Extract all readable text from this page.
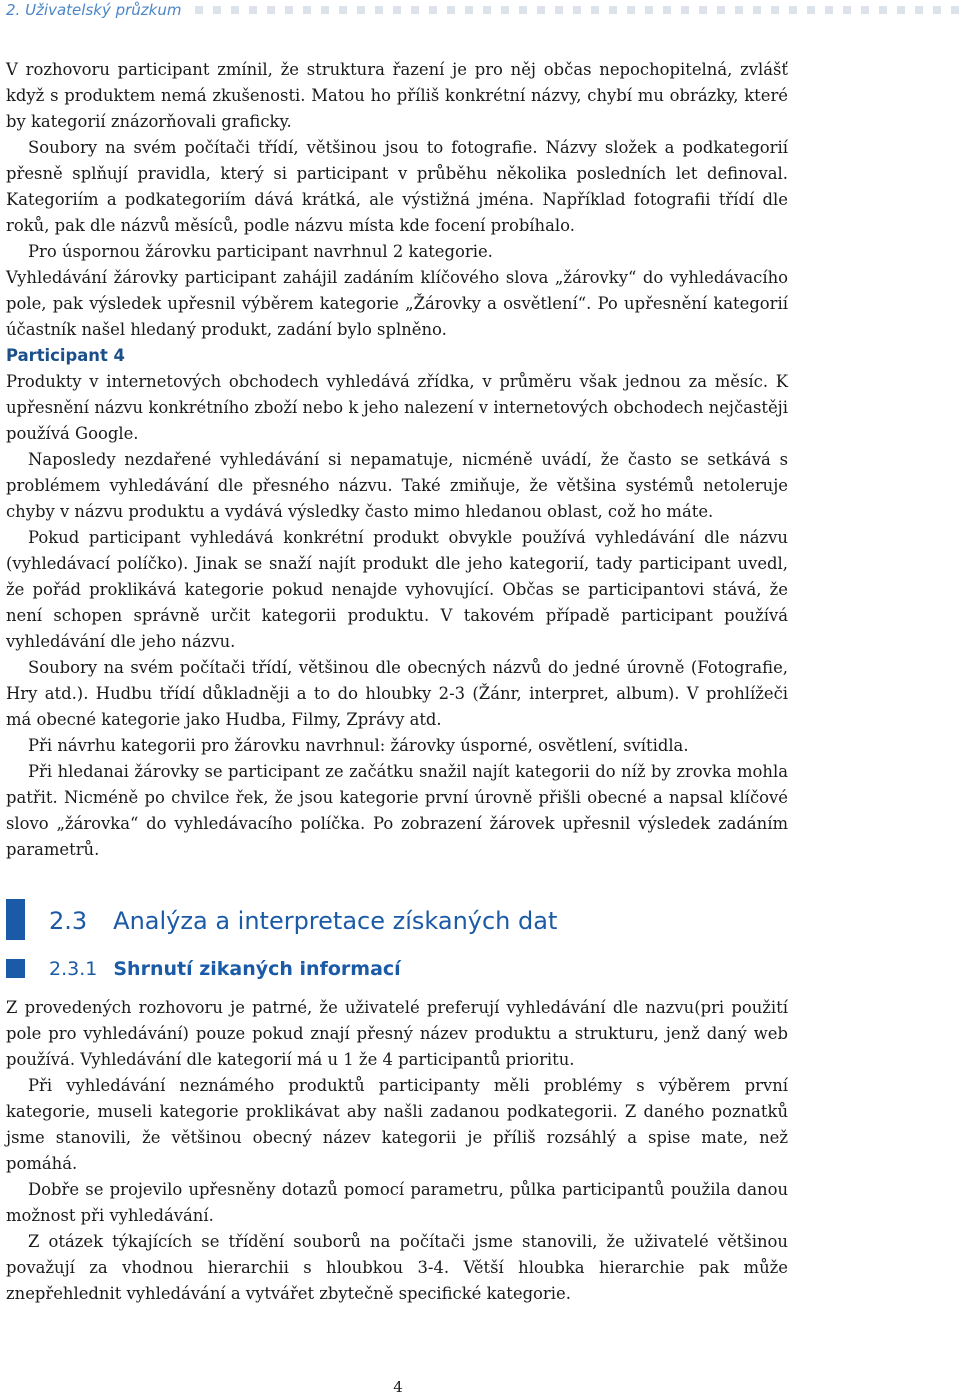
2. Uživatelský průzkum

V rozhovoru participant zmínil, že struktura řazení je pro něj občas nepochopitelná, zvlášť když s produktem nemá zkušenosti. Matou ho příliš konkrétní názvy, chybí mu obrázky, které by kategorií znázorňovali graficky.

Soubory na svém počítači třídí, většinou jsou to fotografie. Názvy složek a podkategorií přesně splňují pravidla, který si participant v průběhu několika posledních let definoval. Kategoriím a podkategoriím dává krátká, ale výstižná jména. Například fotografii třídí dle roků, pak dle názvů měsíců, podle názvu místa kde focení probíhalo.

Pro úspornou žárovku participant navrhnul 2 kategorie.

Vyhledávání žárovky participant zahájil zadáním klíčového slova „žárovky“ do vyhledávacího pole, pak výsledek upřesnil výběrem kategorie „Žárovky a osvětlení“. Po upřesnění kategorií účastník našel hledaný produkt, zadání bylo splněno.

Participant 4

Produkty v internetových obchodech vyhledává zřídka, v průměru však jednou za měsíc. K upřesnění názvu konkrétního zboží nebo k jeho nalezení v internetových obchodech nejčastěji používá Google.

Naposledy nezdařené vyhledávání si nepamatuje, nicméně uvádí, že často se setkává s problémem vyhledávání dle přesného názvu. Také zmiňuje, že většina systémů netoleruje chyby v názvu produktu a vydává výsledky často mimo hledanou oblast, což ho máte.

Pokud participant vyhledává konkrétní produkt obvykle používá vyhledávání dle názvu (vyhledávací políčko). Jinak se snaží najít produkt dle jeho kategorií, tady participant uvedl, že pořád proklikává kategorie pokud nenajde vyhovující. Občas se participantovi stává, že není schopen správně určit kategorii produktu. V takovém případě participant používá vyhledávání dle jeho názvu.

Soubory na svém počítači třídí, většinou dle obecných názvů do jedné úrovně (Fotografie, Hry atd.). Hudbu třídí důkladněji a to do hloubky 2-3 (Žánr, interpret, album). V prohlížeči má obecné kategorie jako Hudba, Filmy, Zprávy atd.

Při návrhu kategorii pro žárovku navrhnul: žárovky úsporné, osvětlení, svítidla.

Při hledanai žárovky se participant ze začátku snažil najít kategorii do níž by zrovka mohla patřit. Nicméně po chvilce řek, že jsou kategorie první úrovně přišli obecné a napsal klíčové slovo „žárovka“ do vyhledávacího políčka. Po zobrazení žárovek upřesnil výsledek zadáním parametrů.

2.3 Analýza a interpretace získaných dat
2.3.1 Shrnutí zikaných informací

Z provedených rozhovoru je patrné, že uživatelé preferují vyhledávání dle nazvu(pri použití pole pro vyhledávání) pouze pokud znají přesný název produktu a strukturu, jenž daný web používá. Vyhledávání dle kategorií má u 1 že 4 participantů prioritu.

Při vyhledávání neznámého produktů participanty měli problémy s výběrem první kategorie, museli kategorie proklikávat aby našli zadanou podkategorii. Z daného poznatků jsme stanovili, že většinou obecný název kategorii je příliš rozsáhlý a spise mate, než pomáhá.

Dobře se projevilo upřesněny dotazů pomocí parametru, půlka participantů použila danou možnost při vyhledávání.

Z otázek týkajících se třídění souborů na počítači jsme stanovili, že uživatelé většinou považují za vhodnou hierarchii s hloubkou 3-4. Větší hloubka hierarchie pak může znepřehlednit vyhledávání a vytvářet zbytečně specifické kategorie.

4
